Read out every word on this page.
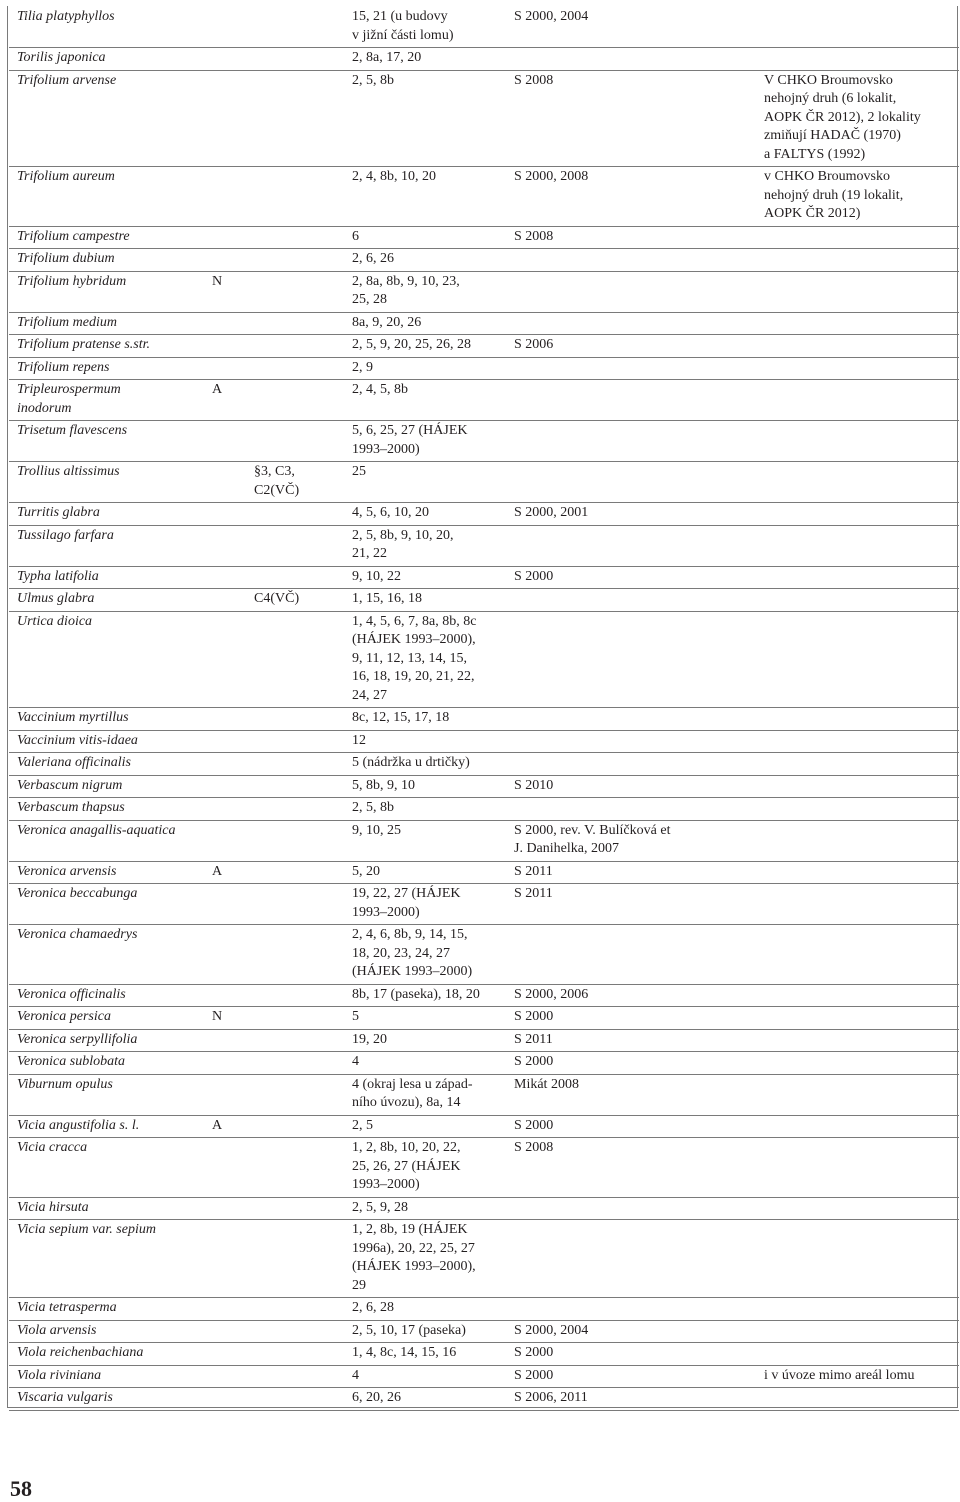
Tilia platyphyllos			15, 21 (u budovy
v jižní části lomu)	S 2000, 2004	
Torilis japonica			2, 8a, 17, 20		
Trifolium arvense			2, 5, 8b	S 2008	V CHKO Broumovsko
nehojný druh (6 lokalit,
AOPK ČR 2012), 2 lokality
zmiňují HADAČ (1970)
a FALTYS (1992)
Trifolium aureum			2, 4, 8b, 10, 20	S 2000, 2008	v CHKO Broumovsko
nehojný druh (19 lokalit,
AOPK ČR 2012)
Trifolium campestre			6	S 2008	
Trifolium dubium			2, 6, 26		
Trifolium hybridum	N		2, 8a, 8b, 9, 10, 23,
25, 28		
Trifolium medium			8a, 9, 20, 26		
Trifolium pratense s.str.			2, 5, 9, 20, 25, 26, 28	S 2006	
Trifolium repens			2, 9		
Tripleurospermum
inodorum	A		2, 4, 5, 8b		
Trisetum flavescens			5, 6, 25, 27 (HÁJEK
1993–2000)		
Trollius altissimus		§3, C3,
C2(VČ)	25		
Turritis glabra			4, 5, 6, 10, 20	S 2000, 2001	
Tussilago farfara			2, 5, 8b, 9, 10, 20,
21, 22		
Typha latifolia			9, 10, 22	S 2000	
Ulmus glabra		C4(VČ)	1, 15, 16, 18		
Urtica dioica			1, 4, 5, 6, 7, 8a, 8b, 8c
(HÁJEK 1993–2000),
9, 11, 12, 13, 14, 15,
16, 18, 19, 20, 21, 22,
24, 27		
Vaccinium myrtillus			8c, 12, 15, 17, 18		
Vaccinium vitis-idaea			12		
Valeriana officinalis			5 (nádržka u drtičky)		
Verbascum nigrum			5, 8b, 9, 10	S 2010	
Verbascum thapsus			2, 5, 8b		
Veronica anagallis-aquatica			9, 10, 25	S 2000, rev. V. Bulíčková et
J. Danihelka, 2007	
Veronica arvensis	A		5, 20	S 2011	
Veronica beccabunga			19, 22, 27 (HÁJEK
1993–2000)	S 2011	
Veronica chamaedrys			2, 4, 6, 8b, 9, 14, 15,
18, 20, 23, 24, 27
(HÁJEK 1993–2000)		
Veronica officinalis			8b, 17 (paseka), 18, 20	S 2000, 2006	
Veronica persica	N		5	S 2000	
Veronica serpyllifolia			19, 20	S 2011	
Veronica sublobata			4	S 2000	
Viburnum opulus			4 (okraj lesa u západ-
ního úvozu), 8a, 14	Mikát 2008	
Vicia angustifolia s. l.	A		2, 5	S 2000	
Vicia cracca			1, 2, 8b, 10, 20, 22,
25, 26, 27 (HÁJEK
1993–2000)	S 2008	
Vicia hirsuta			2, 5, 9, 28		
Vicia sepium var. sepium			1, 2, 8b, 19 (HÁJEK
1996a), 20, 22, 25, 27
(HÁJEK 1993–2000),
29		
Vicia tetrasperma			2, 6, 28		
Viola arvensis			2, 5, 10, 17 (paseka)	S 2000, 2004	
Viola reichenbachiana			1, 4, 8c, 14, 15, 16	S 2000	
Viola riviniana			4	S 2000	i v úvoze mimo areál lomu
Viscaria vulgaris			6, 20, 26	S 2006, 2011	
58
